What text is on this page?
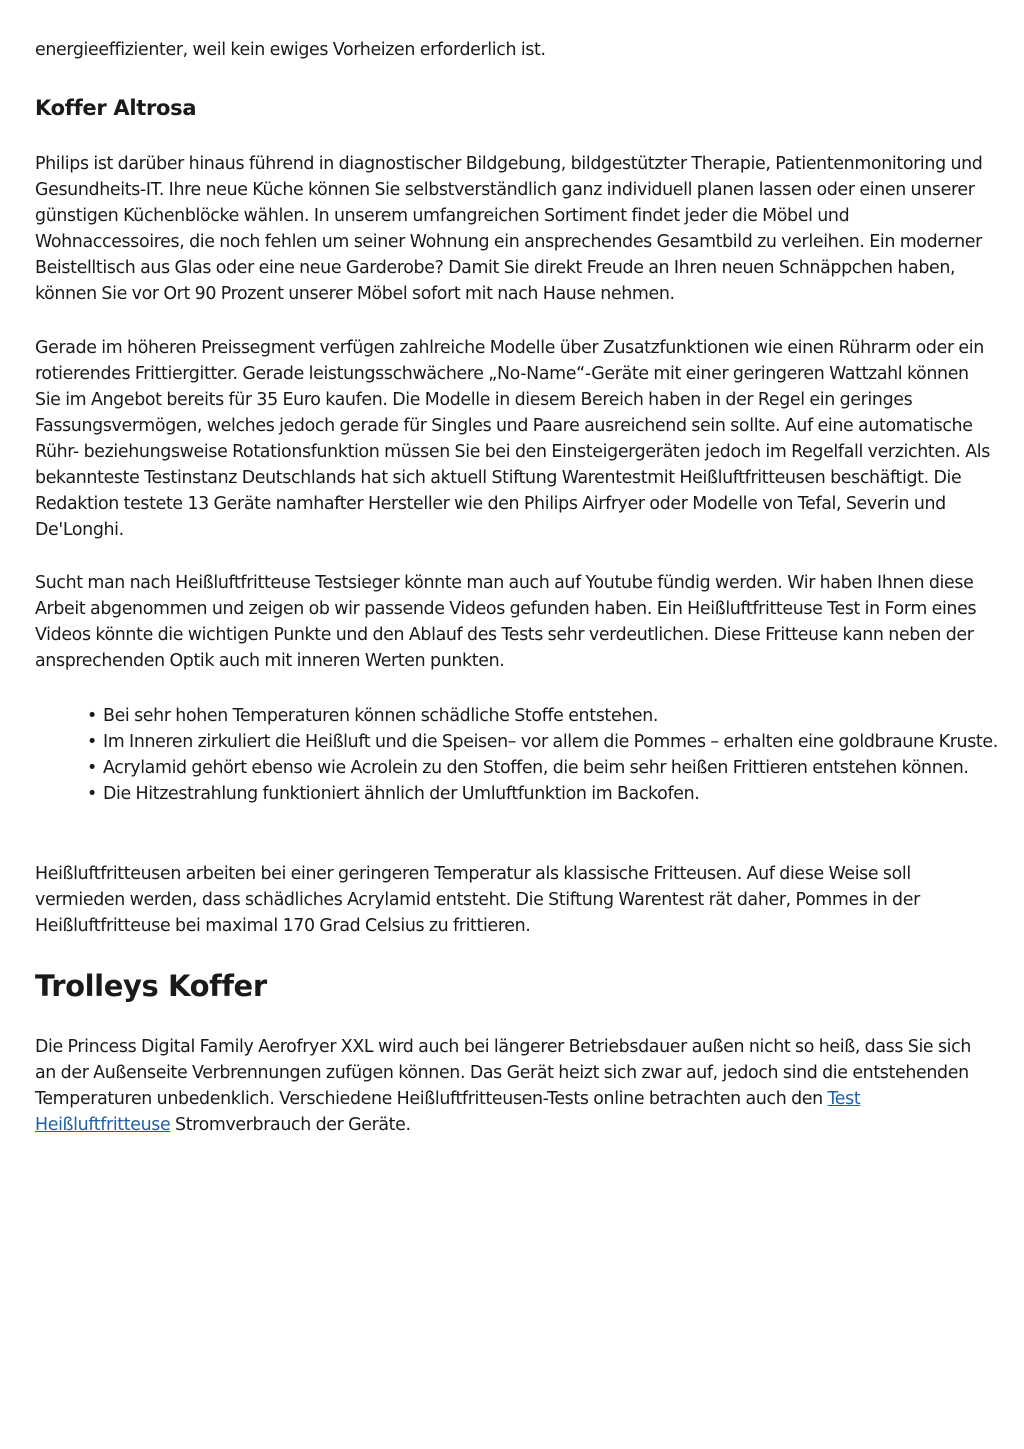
energieeffizienter, weil kein ewiges Vorheizen erforderlich ist.

Koffer Altrosa

Philips ist darüber hinaus führend in diagnostischer Bildgebung, bildgestützter Therapie, Patientenmonitoring und Gesundheits-IT. Ihre neue Küche können Sie selbstverständlich ganz individuell planen lassen oder einen unserer günstigen Küchenblöcke wählen. In unserem umfangreichen Sortiment findet jeder die Möbel und Wohnaccessoires, die noch fehlen um seiner Wohnung ein ansprechendes Gesamtbild zu verleihen. Ein moderner Beistelltisch aus Glas oder eine neue Garderobe? Damit Sie direkt Freude an Ihren neuen Schnäppchen haben, können Sie vor Ort 90 Prozent unserer Möbel sofort mit nach Hause nehmen.

Gerade im höheren Preissegment verfügen zahlreiche Modelle über Zusatzfunktionen wie einen Rührarm oder ein rotierendes Frittiergitter. Gerade leistungsschwächere „No-Name“-Geräte mit einer geringeren Wattzahl können Sie im Angebot bereits für 35 Euro kaufen. Die Modelle in diesem Bereich haben in der Regel ein geringes Fassungsvermögen, welches jedoch gerade für Singles und Paare ausreichend sein sollte. Auf eine automatische Rühr- beziehungsweise Rotationsfunktion müssen Sie bei den Einsteigergeräten jedoch im Regelfall verzichten. Als bekannteste Testinstanz Deutschlands hat sich aktuell Stiftung Warentestmit Heißluftfritteusen beschäftigt. Die Redaktion testete 13 Geräte namhafter Hersteller wie den Philips Airfryer oder Modelle von Tefal, Severin und De'Longhi.

Sucht man nach Heißluftfritteuse Testsieger könnte man auch auf Youtube fündig werden. Wir haben Ihnen diese Arbeit abgenommen und zeigen ob wir passende Videos gefunden haben. Ein Heißluftfritteuse Test in Form eines Videos könnte die wichtigen Punkte und den Ablauf des Tests sehr verdeutlichen. Diese Fritteuse kann neben der ansprechenden Optik auch mit inneren Werten punkten.

• Bei sehr hohen Temperaturen können schädliche Stoffe entstehen.
• Im Inneren zirkuliert die Heißluft und die Speisen– vor allem die Pommes – erhalten eine goldbraune Kruste.
• Acrylamid gehört ebenso wie Acrolein zu den Stoffen, die beim sehr heißen Frittieren entstehen können.
• Die Hitzestrahlung funktioniert ähnlich der Umluftfunktion im Backofen.

Heißluftfritteusen arbeiten bei einer geringeren Temperatur als klassische Fritteusen. Auf diese Weise soll vermieden werden, dass schädliches Acrylamid entsteht. Die Stiftung Warentest rät daher, Pommes in der Heißluftfritteuse bei maximal 170 Grad Celsius zu frittieren.

Trolleys Koffer

Die Princess Digital Family Aerofryer XXL wird auch bei längerer Betriebsdauer außen nicht so heiß, dass Sie sich an der Außenseite Verbrennungen zufügen können. Das Gerät heizt sich zwar auf, jedoch sind die entstehenden Temperaturen unbedenklich. Verschiedene Heißluftfritteusen-Tests online betrachten auch den Test Heißluftfritteuse Stromverbrauch der Geräte.
